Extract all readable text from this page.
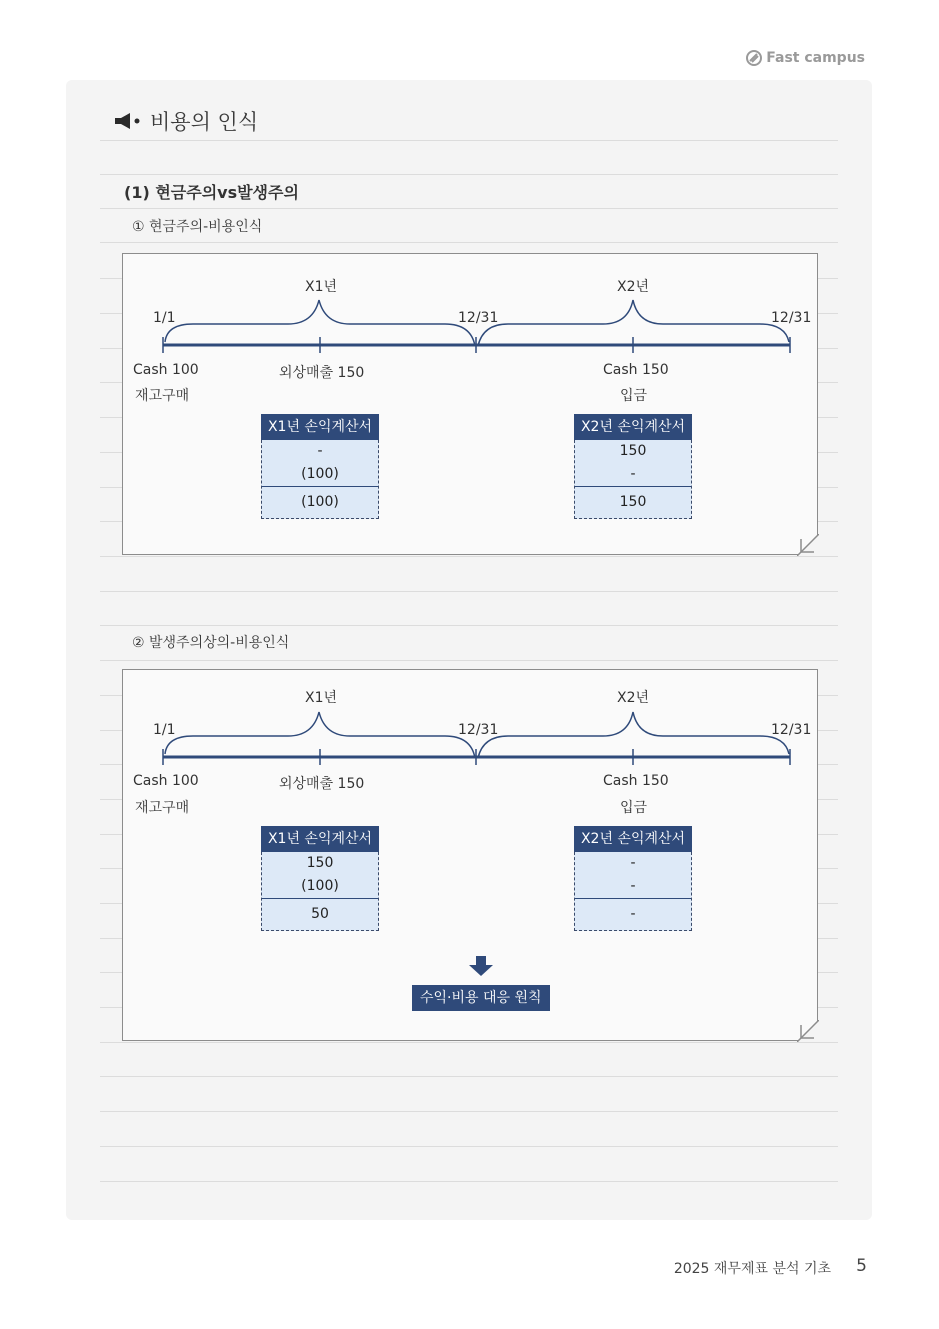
Fast campus
비용의 인식
(1) 현금주의vs발생주의
① 현금주의-비용인식
X1년	X2년
1/1	12/31	12/31
Cash 100
재고구매
외상매출 150	Cash 150
입금
X1년 손익계산서
-
(100)
(100)
X2년 손익계산서
150
-
150
② 발생주의상의-비용인식
X1년	X2년
1/1	12/31	12/31
Cash 100
재고구매
외상매출 150	Cash 150
입금
X1년 손익계산서
150
(100)
50
X2년 손익계산서
-
-
-
수익·비용 대응 원칙
2025 재무제표 분석 기초 5
